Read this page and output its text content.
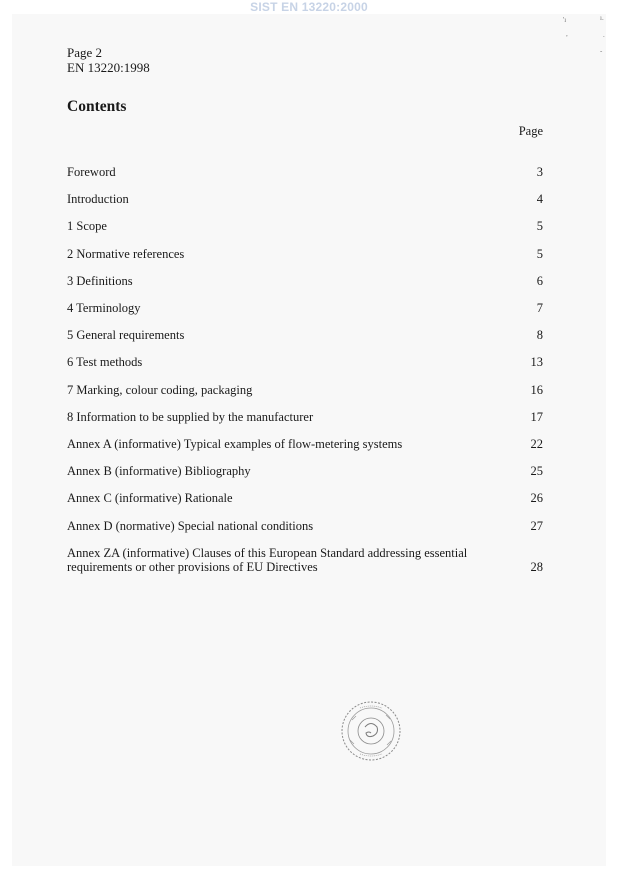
SIST EN 13220:2000
'ı	ı.
,	.
-
Page 2
EN 13220:1998
Contents
Page
Foreword	3
Introduction	4
1 Scope	5
2 Normative references	5
3 Definitions	6
4 Terminology	7
5 General requirements	8
6 Test methods	13
7 Marking, colour coding, packaging	16
8 Information to be supplied by the manufacturer	17
Annex A (informative) Typical examples of flow-metering systems	22
Annex B (informative) Bibliography	25
Annex C (informative) Rationale	26
Annex D (normative) Special national conditions	27
Annex ZA (informative) Clauses of this European Standard addressing essential
requirements or other provisions of EU Directives	28
